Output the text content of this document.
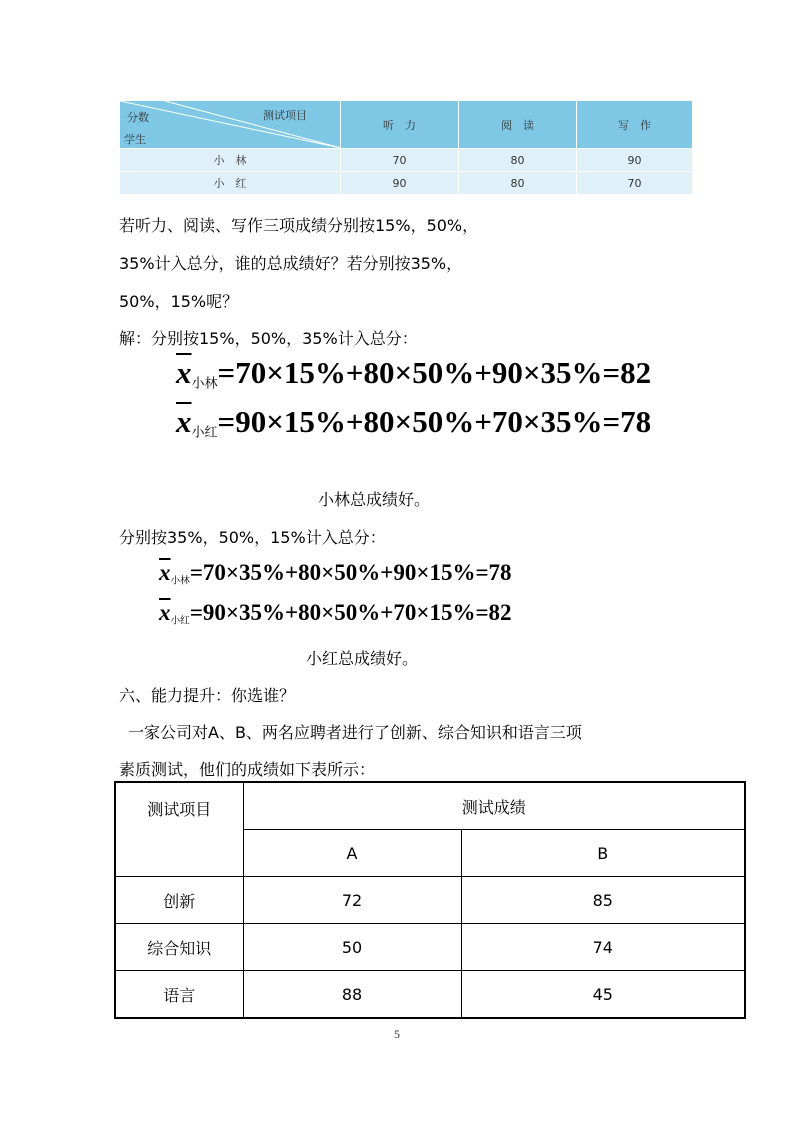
测试项目
分数
学生	听　力	阅　读	写　作
小　林	70	80	90
小　红	90	80	70
若听力、阅读、写作三项成绩分别按15%，50%，
35%计入总分，谁的总成绩好？若分别按35%，
50%，15%呢？
解：分别按15%，50%，35%计入总分：
$\overline{x}_{小林}=70\times 15\%+80\times 50\%+90\times 35\%=82$
$\overline{x}_{小红}=90\times 15\%+80\times 50\%+70\times 35\%=78$
小林总成绩好。
分别按35%，50%，15%计入总分：
$\overline{x}_{小林}=70\times 35\%+80\times 50\%+90\times 15\%=78$
$\overline{x}_{小红}=90\times 35\%+80\times 50\%+70\times 15\%=82$
小红总成绩好。
六、能力提升：你选谁？
一家公司对A、B、两名应聘者进行了创新、综合知识和语言三项
素质测试，他们的成绩如下表所示：
测试项目	测试成绩	
	A	B
创新	72	85
综合知识	50	74
语言	88	45
5
